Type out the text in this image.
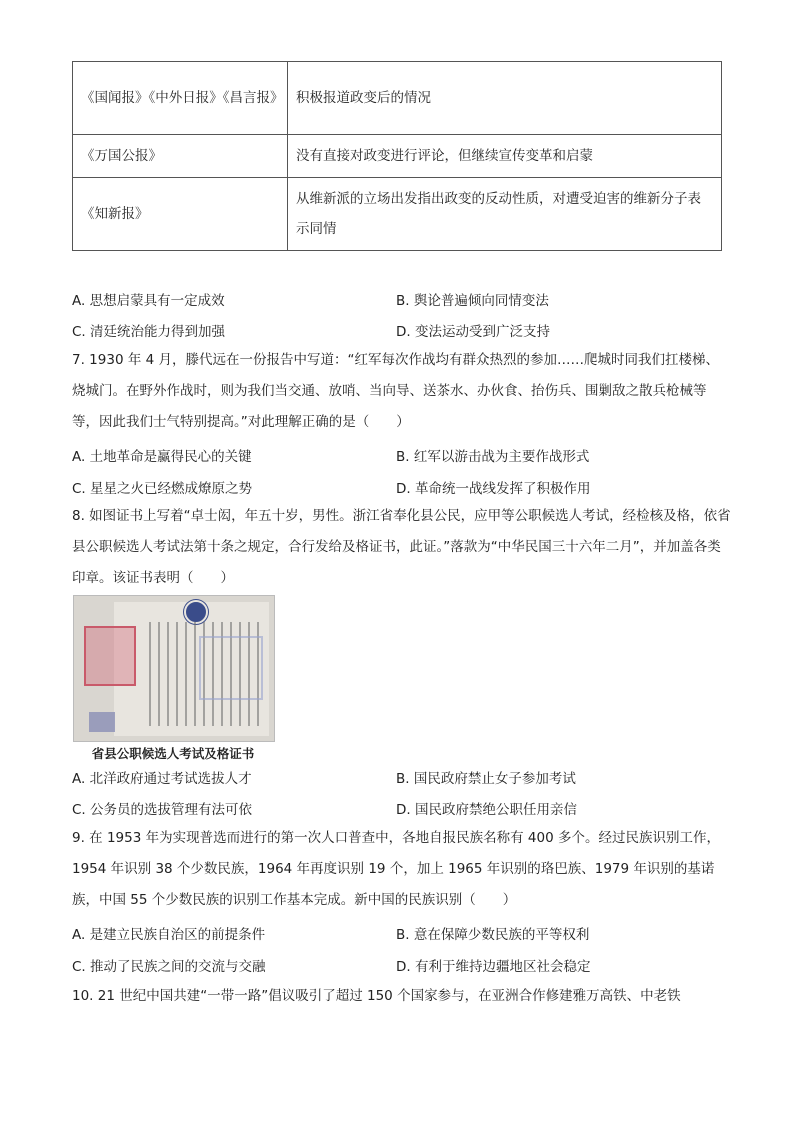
《国闻报》《中外日报》《昌言报》	积极报道政变后的情况
《万国公报》	没有直接对政变进行评论，但继续宣传变革和启蒙
《知新报》	从维新派的立场出发指出政变的反动性质，对遭受迫害的维新分子表示同情
A. 思想启蒙具有一定成效	B. 舆论普遍倾向同情变法
C. 清廷统治能力得到加强	D. 变法运动受到广泛支持
7. 1930 年 4 月，滕代远在一份报告中写道：“红军每次作战均有群众热烈的参加……爬城时同我们扛楼梯、烧城门。在野外作战时，则为我们当交通、放哨、当向导、送茶水、办伙食、抬伤兵、围剿敌之散兵枪械等等，因此我们士气特别提高。”对此理解正确的是（　　）
A. 土地革命是赢得民心的关键	B. 红军以游击战为主要作战形式
C. 星星之火已经燃成燎原之势	D. 革命统一战线发挥了积极作用
8. 如图证书上写着“卓士闳，年五十岁，男性。浙江省奉化县公民，应甲等公职候选人考试，经检核及格，依省县公职候选人考试法第十条之规定，合行发给及格证书，此证。”落款为“中华民国三十六年二月”，并加盖各类印章。该证书表明（　　）
省县公职候选人考试及格证书
A. 北洋政府通过考试选拔人才	B. 国民政府禁止女子参加考试
C. 公务员的选拔管理有法可依	D. 国民政府禁绝公职任用亲信
9. 在 1953 年为实现普选而进行的第一次人口普查中，各地自报民族名称有 400 多个。经过民族识别工作，1954 年识别 38 个少数民族，1964 年再度识别 19 个，加上 1965 年识别的珞巴族、1979 年识别的基诺族，中国 55 个少数民族的识别工作基本完成。新中国的民族识别（　　）
A. 是建立民族自治区的前提条件	B. 意在保障少数民族的平等权利
C. 推动了民族之间的交流与交融	D. 有利于维持边疆地区社会稳定
10. 21 世纪中国共建“一带一路”倡议吸引了超过 150 个国家参与，在亚洲合作修建雅万高铁、中老铁
